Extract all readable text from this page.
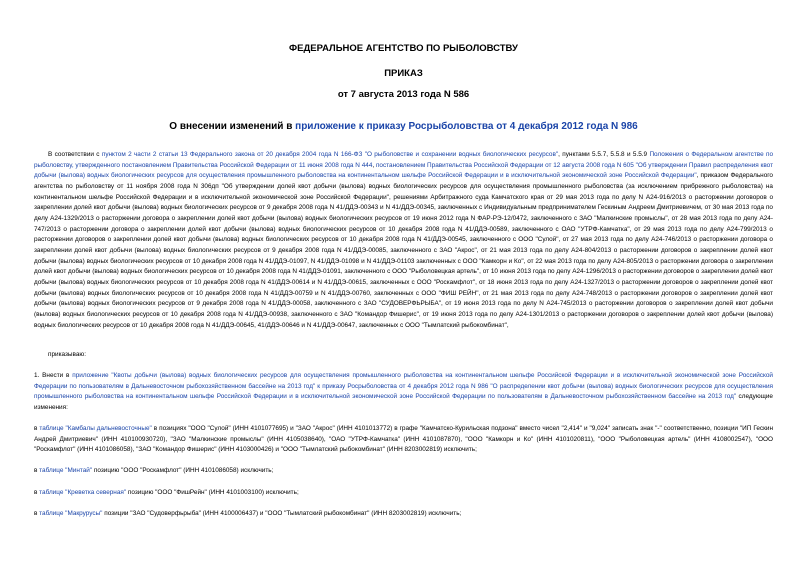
ФЕДЕРАЛЬНОЕ АГЕНТСТВО ПО РЫБОЛОВСТВУ
ПРИКАЗ
от 7 августа 2013 года N 586
О внесении изменений в приложение к приказу Росрыболовства от 4 декабря 2012 года N 986
В соответствии с пунктом 2 части 2 статьи 13 Федерального закона от 20 декабря 2004 года N 166-ФЗ "О рыболовстве и сохранении водных биологических ресурсов", пунктами 5.5.7, 5.5.8 и 5.5.9 Положения о Федеральном агентстве по рыболовству, утвержденного постановлением Правительства Российской Федерации от 11 июня 2008 года N 444, постановлением Правительства Российской Федерации от 12 августа 2008 года N 605 "Об утверждении Правил распределения квот добычи (вылова) водных биологических ресурсов для осуществления промышленного рыболовства на континентальном шельфе Российской Федерации и в исключительной экономической зоне Российской Федерации", приказом Федерального агентства по рыболовству от 11 ноября 2008 года N 306дп "Об утверждении долей квот добычи (вылова) водных биологических ресурсов для осуществления промышленного рыболовства (за исключением прибрежного рыболовства) на континентальном шельфе Российской Федерации и в исключительной экономической зоне Российской Федерации", решениями Арбитражного суда Камчатского края от 29 мая 2013 года по делу N А24-916/2013 о расторжении договоров о закреплении долей квот добычи (вылова) водных биологических ресурсов от 9 декабря 2008 года N 41/ДДЭ-00343 и N 41/ДДЭ-00345, заключенных с Индивидуальным предпринимателем Гескиным Андреем Дмитриевичем, от 30 мая 2013 года по делу А24-1329/2013 о расторжении договора о закреплении долей квот добычи (вылова) водных биологических ресурсов от 19 июня 2012 года N ФАР-РЭ-12/0472, заключенного с ЗАО "Малкинские промыслы", от 28 мая 2013 года по делу А24-747/2013 о расторжении договора о закреплении долей квот добычи (вылова) водных биологических ресурсов от 10 декабря 2008 года N 41/ДДЭ-00589, заключенного с ОАО "УТРФ-Камчатка", от 29 мая 2013 года по делу А24-799/2013 о расторжении договоров о закреплении долей квот добычи (вылова) водных биологических ресурсов от 10 декабря 2008 года N 41/ДДЭ-00545, заключенного с ООО "Сулой", от 27 мая 2013 года по делу А24-746/2013 о расторжении договора о закреплении долей квот добычи (вылова) водных биологических ресурсов от 9 декабря 2008 года N 41/ДДЭ-00085, заключенного с ЗАО "Акрос", от 21 мая 2013 года по делу А24-804/2013 о расторжении договоров о закреплении долей квот добычи (вылова) водных биологических ресурсов от 10 декабря 2008 года N 41/ДДЭ-01097, N 41/ДДЭ-01098 и N 41/ДДЭ-01103 заключенных с ООО "Камкорн и Ко", от 22 мая 2013 года по делу А24-805/2013 о расторжении договора о закреплении долей квот добычи (вылова) водных биологических ресурсов от 10 декабря 2008 года N 41/ДДЭ-01091, заключенного с ООО "Рыболовецкая артель", от 10 июня 2013 года по делу А24-1296/2013 о расторжении договоров о закреплении долей квот добычи (вылова) водных биологических ресурсов от 10 декабря 2008 года N 41/ДДЭ-00614 и N 41/ДДЭ-00615, заключенных с ООО "Роскамфлот", от 18 июня 2013 года по делу А24-1327/2013 о расторжении договоров о закреплении долей квот добычи (вылова) водных биологических ресурсов от 10 декабря 2008 года N 41/ДДЭ-00759 и N 41/ДДЭ-00760, заключенных с ООО "ФИШ РЕЙН", от 21 мая 2013 года по делу А24-748/2013 о расторжении договоров о закреплении долей квот добычи (вылова) водных биологических ресурсов от 9 декабря 2008 года N 41/ДДЭ-00058, заключенного с ЗАО "СУДОВЕРФЬРЫБА", от 19 июня 2013 года по делу N А24-745/2013 о расторжении договоров о закреплении долей квот добычи (вылова) водных биологических ресурсов от 10 декабря 2008 года N 41/ДДЭ-00938, заключенного с ЗАО "Командор Фишерис", от 19 июня 2013 года по делу А24-1301/2013 о расторжении договоров о закреплении долей квот добычи (вылова) водных биологических ресурсов от 10 декабря 2008 года N 41/ДДЭ-00645, 41/ДДЭ-00646 и N 41/ДДЭ-00647, заключенных с ООО "Тымлатский рыбокомбинат",
приказываю:
1. Внести в приложение "Квоты добычи (вылова) водных биологических ресурсов для осуществления промышленного рыболовства на континентальном шельфе Российской Федерации и в исключительной экономической зоне Российской Федерации по пользователям в Дальневосточном рыбохозяйственном бассейне на 2013 год" к приказу Росрыболовства от 4 декабря 2012 года N 986 "О распределении квот добычи (вылова) водных биологических ресурсов для осуществления промышленного рыболовства на континентальном шельфе Российской Федерации и в исключительной экономической зоне Российской Федерации по пользователям в Дальневосточном рыбохозяйственном бассейне на 2013 год" следующие изменения:
в таблице "Камбалы дальневосточные" в позициях "ООО "Сулой" (ИНН 4101077695) и "ЗАО "Акрос" (ИНН 4101013772) в графе "Камчатско-Курильская подзона" вместо чисел "2,414" и "9,024" записать знак "-" соответственно, позиции "ИП Гескин Андрей Дмитриевич" (ИНН 410100930720), "ЗАО "Малкинские промыслы" (ИНН 4105038640), "ОАО "УТРФ-Камчатка" (ИНН 4101087870), "ООО "Камкорн и Ко" (ИНН 4101020811), "ООО "Рыболовецкая артель" (ИНН 4108002547), "ООО "Роскамфлот" (ИНН 4101086058), "ЗАО "Командор Фишерис" (ИНН 4103000426) и "ООО "Тымлатский рыбокомбинат" (ИНН 8203002819) исключить;
в таблице "Минтай" позицию "ООО "Роскамфлот" (ИНН 4101086058) исключить;
в таблице "Креветка северная" позицию "ООО "ФишРейн" (ИНН 4101003100) исключить;
в таблице "Макрурусы" позиции "ЗАО "Судоверфьрыба" (ИНН 4100006437) и "ООО "Тымлатский рыбокомбинат" (ИНН 8203002819) исключить;
